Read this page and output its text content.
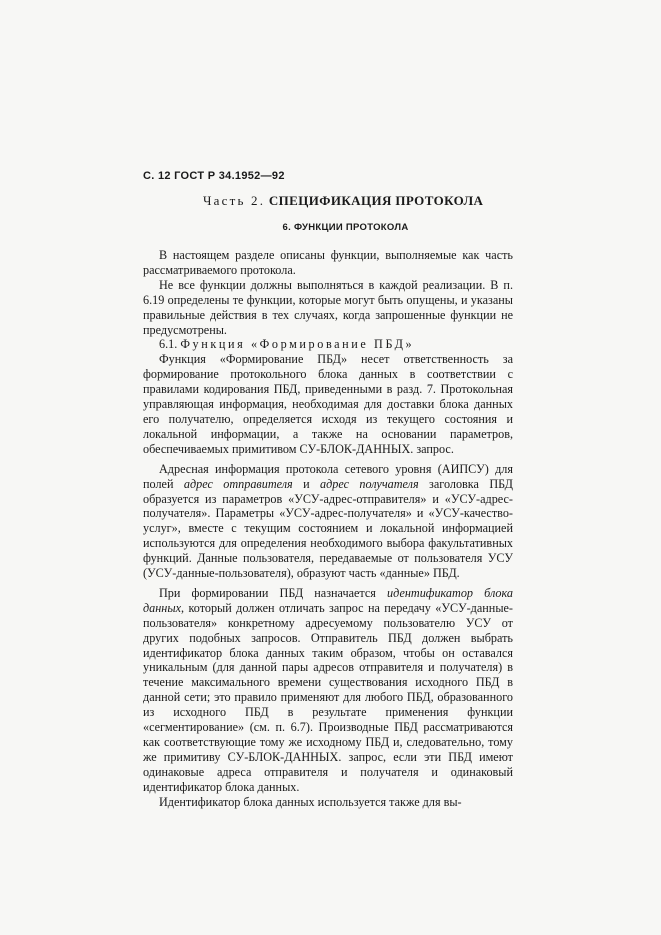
С. 12 ГОСТ Р 34.1952—92
Часть 2. СПЕЦИФИКАЦИЯ ПРОТОКОЛА
6. ФУНКЦИИ ПРОТОКОЛА

В настоящем разделе описаны функции, выполняемые как часть рассматриваемого протокола.

Не все функции должны выполняться в каждой реализации. В п. 6.19 определены те функции, которые могут быть опущены, и указаны правильные действия в тех случаях, когда запрошенные функции не предусмотрены.

6.1. Функция «Формирование ПБД»

Функция «Формирование ПБД» несет ответственность за формирование протокольного блока данных в соответствии с правилами кодирования ПБД, приведенными в разд. 7. Протокольная управляющая информация, необходимая для доставки блока данных его получателю, определяется исходя из текущего состояния и локальной информации, а также на основании параметров, обеспечиваемых примитивом СУ-БЛОК-ДАННЫХ. запрос.

Адресная информация протокола сетевого уровня (АИПСУ) для полей адрес отправителя и адрес получателя заголовка ПБД образуется из параметров «УСУ-адрес-отправителя» и «УСУ-адрес-получателя». Параметры «УСУ-адрес-получателя» и «УСУ-качество-услуг», вместе с текущим состоянием и локальной информацией используются для определения необходимого выбора факультативных функций. Данные пользователя, передаваемые от пользователя УСУ (УСУ-данные-пользователя), образуют часть «данные» ПБД.

При формировании ПБД назначается идентификатор блока данных, который должен отличать запрос на передачу «УСУ-данные-пользователя» конкретному адресуемому пользователю УСУ от других подобных запросов. Отправитель ПБД должен выбрать идентификатор блока данных таким образом, чтобы он оставался уникальным (для данной пары адресов отправителя и получателя) в течение максимального времени существования исходного ПБД в данной сети; это правило применяют для любого ПБД, образованного из исходного ПБД в результате применения функции «сегментирование» (см. п. 6.7). Производные ПБД рассматриваются как соответствующие тому же исходному ПБД и, следовательно, тому же примитиву СУ-БЛОК-ДАННЫХ. запрос, если эти ПБД имеют одинаковые адреса отправителя и получателя и одинаковый идентификатор блока данных.

Идентификатор блока данных используется также для вы-
